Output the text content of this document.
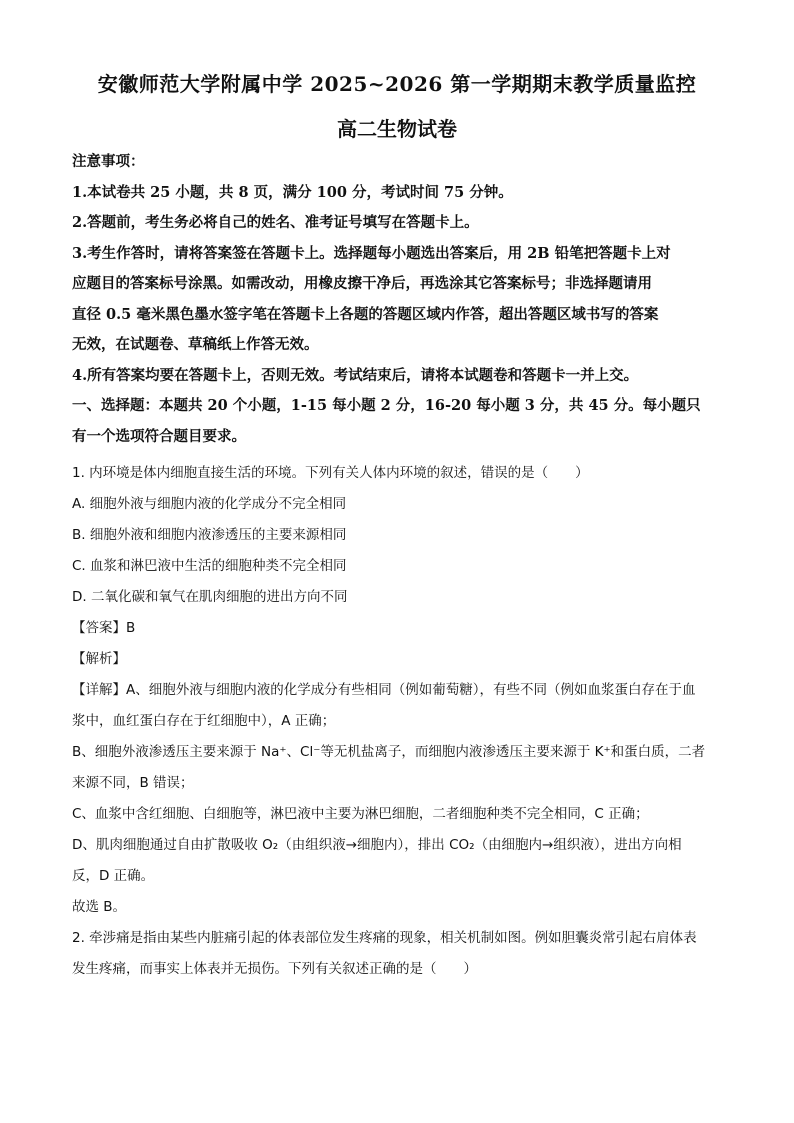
安徽师范大学附属中学 2025~2026 第一学期期末教学质量监控
高二生物试卷
注意事项：
1.本试卷共 25 小题，共 8 页，满分 100 分，考试时间 75 分钟。
2.答题前，考生务必将自己的姓名、准考证号填写在答题卡上。
3.考生作答时，请将答案签在答题卡上。选择题每小题选出答案后，用 2B 铅笔把答题卡上对
应题目的答案标号涂黑。如需改动，用橡皮擦干净后，再选涂其它答案标号；非选择题请用
直径 0.5 毫米黑色墨水签字笔在答题卡上各题的答题区域内作答，超出答题区域书写的答案
无效，在试题卷、草稿纸上作答无效。
4.所有答案均要在答题卡上，否则无效。考试结束后，请将本试题卷和答题卡一并上交。
一、选择题：本题共 20 个小题，1-15 每小题 2 分，16-20 每小题 3 分，共 45 分。每小题只
有一个选项符合题目要求。
1. 内环境是体内细胞直接生活的环境。下列有关人体内环境的叙述，错误的是（　　）
A. 细胞外液与细胞内液的化学成分不完全相同
B. 细胞外液和细胞内液渗透压的主要来源相同
C. 血浆和淋巴液中生活的细胞种类不完全相同
D. 二氧化碳和氧气在肌肉细胞的进出方向不同
【答案】B
【解析】
【详解】A、细胞外液与细胞内液的化学成分有些相同（例如葡萄糖），有些不同（例如血浆蛋白存在于血
浆中，血红蛋白存在于红细胞中），A 正确；
B、细胞外液渗透压主要来源于 Na⁺、Cl⁻等无机盐离子，而细胞内液渗透压主要来源于 K⁺和蛋白质，二者
来源不同，B 错误；
C、血浆中含红细胞、白细胞等，淋巴液中主要为淋巴细胞，二者细胞种类不完全相同，C 正确；
D、肌肉细胞通过自由扩散吸收 O₂（由组织液→细胞内），排出 CO₂（由细胞内→组织液），进出方向相
反，D 正确。
故选 B。
2. 牵涉痛是指由某些内脏痛引起的体表部位发生疼痛的现象，相关机制如图。例如胆囊炎常引起右肩体表
发生疼痛，而事实上体表并无损伤。下列有关叙述正确的是（　　）
